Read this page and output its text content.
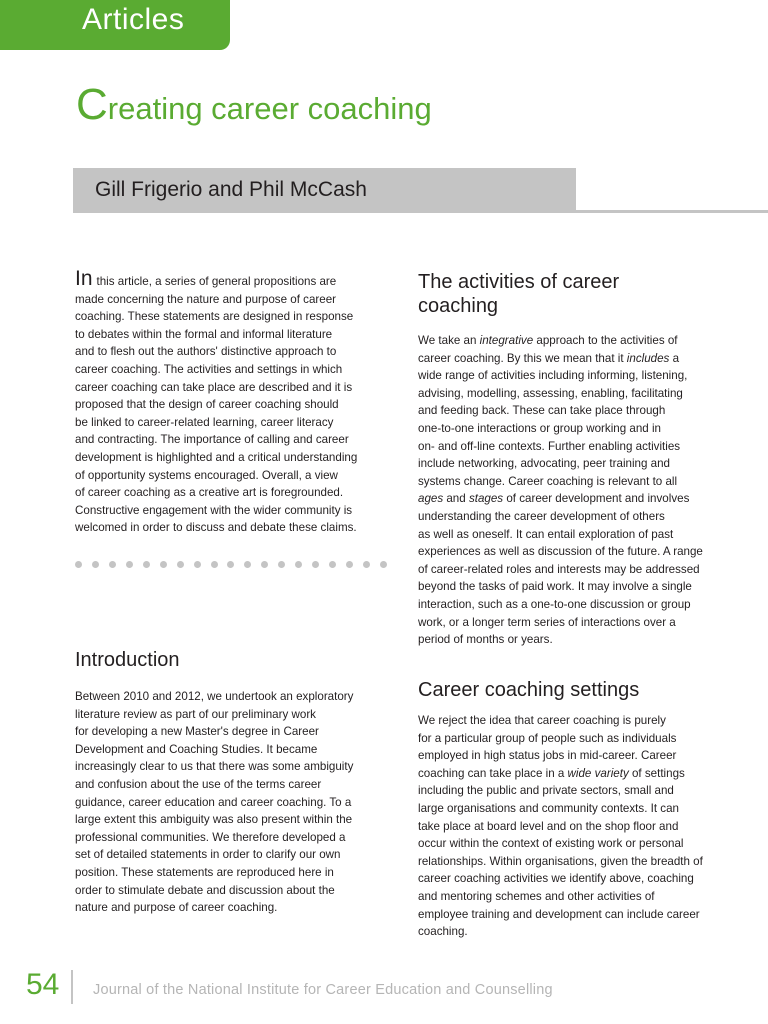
Articles
Creating career coaching
Gill Frigerio and Phil McCash
In this article, a series of general propositions are
made concerning the nature and purpose of career
coaching. These statements are designed in response
to debates within the formal and informal literature
and to flesh out the authors' distinctive approach to
career coaching. The activities and settings in which
career coaching can take place are described and it is
proposed that the design of career coaching should
be linked to career-related learning, career literacy
and contracting. The importance of calling and career
development is highlighted and a critical understanding
of opportunity systems encouraged. Overall, a view
of career coaching as a creative art is foregrounded.
Constructive engagement with the wider community is
welcomed in order to discuss and debate these claims.
Introduction
Between 2010 and 2012, we undertook an exploratory
literature review as part of our preliminary work
for developing a new Master's degree in Career
Development and Coaching Studies. It became
increasingly clear to us that there was some ambiguity
and confusion about the use of the terms career
guidance, career education and career coaching. To a
large extent this ambiguity was also present within the
professional communities. We therefore developed a
set of detailed statements in order to clarify our own
position. These statements are reproduced here in
order to stimulate debate and discussion about the
nature and purpose of career coaching.
The activities of career
coaching
We take an integrative approach to the activities of
career coaching. By this we mean that it includes a
wide range of activities including informing, listening,
advising, modelling, assessing, enabling, facilitating
and feeding back. These can take place through
one-to-one interactions or group working and in
on- and off-line contexts. Further enabling activities
include networking, advocating, peer training and
systems change. Career coaching is relevant to all
ages and stages of career development and involves
understanding the career development of others
as well as oneself. It can entail exploration of past
experiences as well as discussion of the future. A range
of career-related roles and interests may be addressed
beyond the tasks of paid work. It may involve a single
interaction, such as a one-to-one discussion or group
work, or a longer term series of interactions over a
period of months or years.
Career coaching settings
We reject the idea that career coaching is purely
for a particular group of people such as individuals
employed in high status jobs in mid-career. Career
coaching can take place in a wide variety of settings
including the public and private sectors, small and
large organisations and community contexts. It can
take place at board level and on the shop floor and
occur within the context of existing work or personal
relationships. Within organisations, given the breadth of
career coaching activities we identify above, coaching
and mentoring schemes and other activities of
employee training and development can include career
coaching.
54 Journal of the National Institute for Career Education and Counselling
